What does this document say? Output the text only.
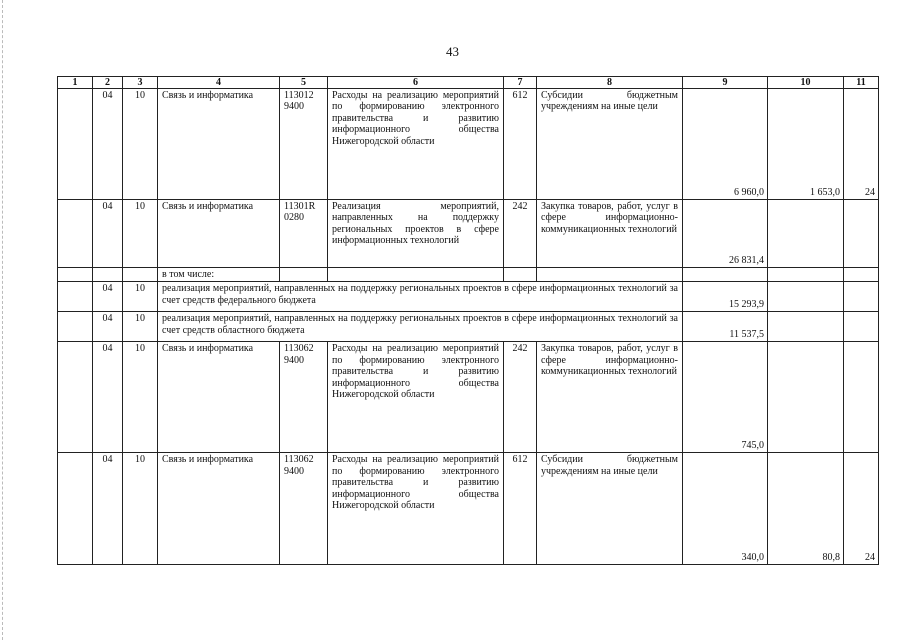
43
1	2	3	4	5	6	7	8	9	10	11
	04	10	Связь и информатика	113012 9400	Расходы на реализацию мероприятий по формированию электронного правительства и развитию информационного общества Нижегородской области	612	Субсидии бюджетным учреждениям на иные цели	6 960,0	1 653,0	24
	04	10	Связь и информатика	11301R 0280	Реализация мероприятий, направленных на поддержку региональных проектов в сфере информационных технологий	242	Закупка товаров, работ, услуг в сфере информационно-коммуникационных технологий	26 831,4		
			в том числе:							
	04	10	реализация мероприятий, направленных на поддержку региональных проектов в сфере информационных технологий за счет средств федерального бюджета					15 293,9		
	04	10	реализация мероприятий, направленных на поддержку региональных проектов в сфере информационных технологий за счет средств областного бюджета					11 537,5		
	04	10	Связь и информатика	113062 9400	Расходы на реализацию мероприятий по формированию электронного правительства и развитию информационного общества Нижегородской области	242	Закупка товаров, работ, услуг в сфере информационно-коммуникационных технологий	745,0		
	04	10	Связь и информатика	113062 9400	Расходы на реализацию мероприятий по формированию электронного правительства и развитию информационного общества Нижегородской области	612	Субсидии бюджетным учреждениям на иные цели	340,0	80,8	24
